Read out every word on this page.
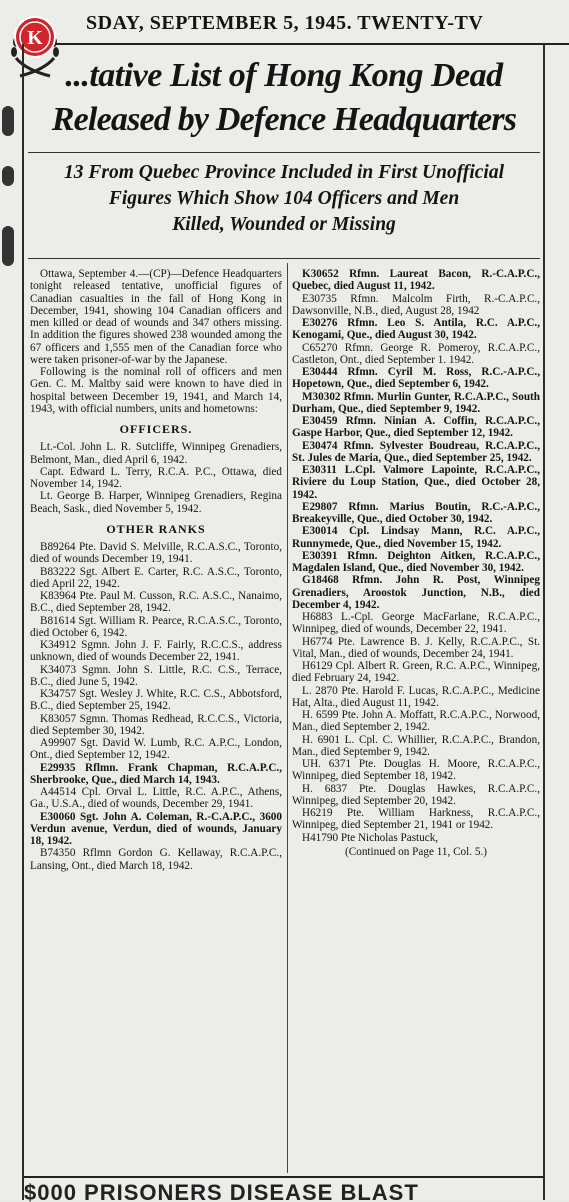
SDAY, SEPTEMBER 5, 1945. TWENTY-TV
K

...tative List of Hong Kong Dead
Released by Defence Headquarters
13 From Quebec Province Included in First Unofficial
Figures Which Show 104 Officers and Men
Killed, Wounded or Missing

Ottawa, September 4.—(CP)—Defence Headquarters tonight released tentative, unofficial figures of Canadian casualties in the fall of Hong Kong in December, 1941, showing 104 Canadian officers and men killed or dead of wounds and 347 others missing. In addition the figures showed 238 wounded among the 67 officers and 1,555 men of the Canadian force who were taken prisoner-of-war by the Japanese.

Following is the nominal roll of officers and men Gen. C. M. Maltby said were known to have died in hospital between December 19, 1941, and March 14, 1943, with official numbers, units and hometowns:

OFFICERS.

Lt.-Col. John L. R. Sutcliffe, Winnipeg Grenadiers, Belmont, Man., died April 6, 1942.

Capt. Edward L. Terry, R.C.A. P.C., Ottawa, died November 14, 1942.

Lt. George B. Harper, Winnipeg Grenadiers, Regina Beach, Sask., died November 5, 1942.

OTHER RANKS

B89264 Pte. David S. Melville, R.C.A.S.C., Toronto, died of wounds December 19, 1941.

B83222 Sgt. Albert E. Carter, R.C. A.S.C., Toronto, died April 22, 1942.

K83964 Pte. Paul M. Cusson, R.C. A.S.C., Nanaimo, B.C., died September 28, 1942.

B81614 Sgt. William R. Pearce, R.C.A.S.C., Toronto, died October 6, 1942.

K34912 Sgmn. John J. F. Fairly, R.C.C.S., address unknown, died of wounds December 22, 1941.

K34073 Sgmn. John S. Little, R.C. C.S., Terrace, B.C., died June 5, 1942.

K34757 Sgt. Wesley J. White, R.C. C.S., Abbotsford, B.C., died September 25, 1942.

K83057 Sgmn. Thomas Redhead, R.C.C.S., Victoria, died September 30, 1942.

A99907 Sgt. David W. Lumb, R.C. A.P.C., London, Ont., died September 12, 1942.

E29935 Rflmn. Frank Chapman, R.C.A.P.C., Sherbrooke, Que., died March 14, 1943.

A44514 Cpl. Orval L. Little, R.C. A.P.C., Athens, Ga., U.S.A., died of wounds, December 29, 1941.

E30060 Sgt. John A. Coleman, R.-C.A.P.C., 3600 Verdun avenue, Verdun, died of wounds, January 18, 1942.

B74350 Rflmn Gordon G. Kellaway, R.C.A.P.C., Lansing, Ont., died March 18, 1942.

K30652 Rfmn. Laureat Bacon, R.-C.A.P.C., Quebec, died August 11, 1942.

E30735 Rfmn. Malcolm Firth, R.-C.A.P.C., Dawsonville, N.B., died, August 28, 1942

E30276 Rfmn. Leo S. Antila, R.C. A.P.C., Kenogami, Que., died August 30, 1942.

C65270 Rfmn. George R. Pomeroy, R.C.A.P.C., Castleton, Ont., died September 1. 1942.

E30444 Rfmn. Cyril M. Ross, R.C.-A.P.C., Hopetown, Que., died September 6, 1942.

M30302 Rfmn. Murlin Gunter, R.C.A.P.C., South Durham, Que., died September 9, 1942.

E30459 Rfmn. Ninian A. Coffin, R.C.A.P.C., Gaspe Harbor, Que., died September 12, 1942.

E30474 Rfmn. Sylvester Boudreau, R.C.A.P.C., St. Jules de Maria, Que., died September 25, 1942.

E30311 L.Cpl. Valmore Lapointe, R.C.A.P.C., Riviere du Loup Station, Que., died October 28, 1942.

E29807 Rfmn. Marius Boutin, R.C.-A.P.C., Breakeyville, Que., died October 30, 1942.

E30014 Cpl. Lindsay Mann, R.C. A.P.C., Runnymede, Que., died November 15, 1942.

E30391 Rfmn. Deighton Aitken, R.C.A.P.C., Magdalen Island, Que., died November 30, 1942.

G18468 Rfmn. John R. Post, Winnipeg Grenadiers, Aroostok Junction, N.B., died December 4, 1942.

H6883 L.-Cpl. George MacFarlane, R.C.A.P.C., Winnipeg, died of wounds, December 22, 1941.

H6774 Pte. Lawrence B. J. Kelly, R.C.A.P.C., St. Vital, Man., died of wounds, December 24, 1941.

H6129 Cpl. Albert R. Green, R.C. A.P.C., Winnipeg, died February 24, 1942.

L. 2870 Pte. Harold F. Lucas, R.C.A.P.C., Medicine Hat, Alta., died August 11, 1942.

H. 6599 Pte. John A. Moffatt, R.C.A.P.C., Norwood, Man., died September 2, 1942.

H. 6901 L. Cpl. C. Whillier, R.C.A.P.C., Brandon, Man., died September 9, 1942.

UH. 6371 Pte. Douglas H. Moore, R.C.A.P.C., Winnipeg, died September 18, 1942.

H. 6837 Pte. Douglas Hawkes, R.C.A.P.C., Winnipeg, died September 20, 1942.

H6219 Pte. William Harkness, R.C.A.P.C., Winnipeg, died September 21, 1941 or 1942.

H41790 Pte Nicholas Pastuck,

(Continued on Page 11, Col. 5.)

$000 PRISONERS DISEASE BLAST
